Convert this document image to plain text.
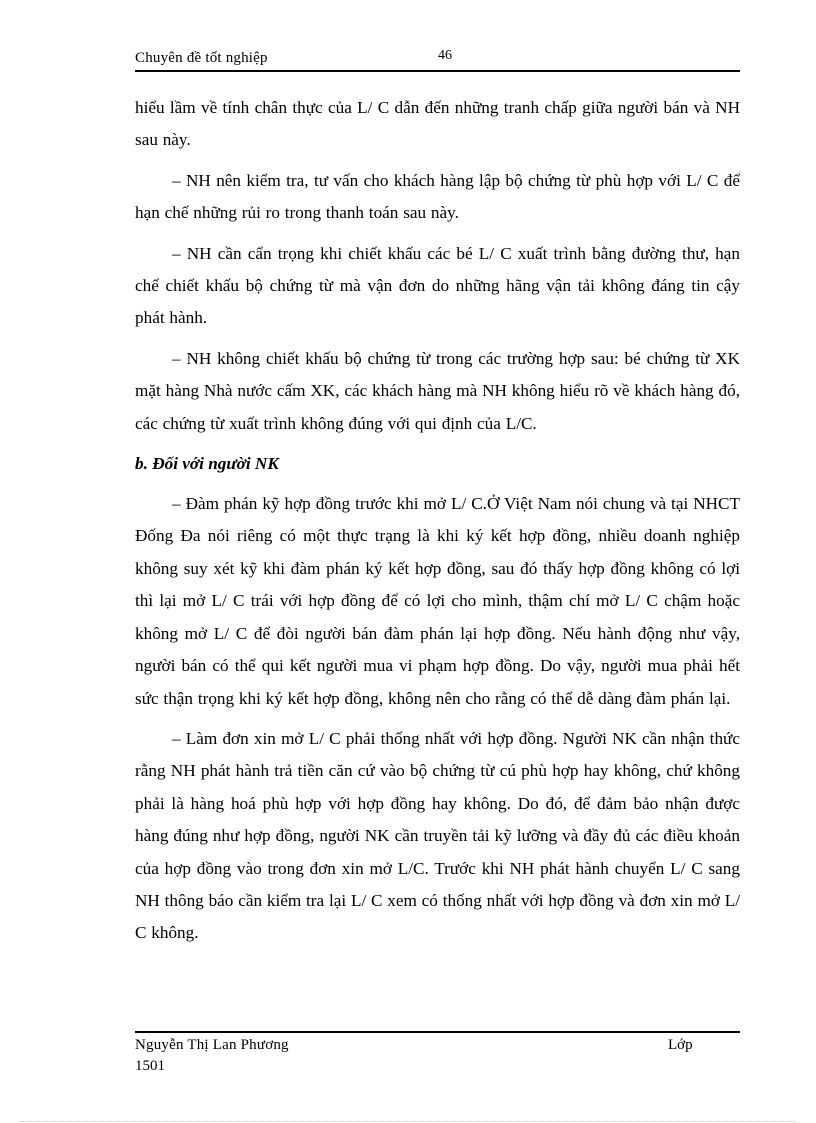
Chuyên đề tốt nghiệp	46

hiểu lầm về tính chân thực của L/ C dẫn đến những tranh chấp giữa người bán và NH sau này.

– NH nên kiểm tra, tư vấn cho khách hàng lập bộ chứng từ phù hợp với L/ C để hạn chế những rủi ro trong thanh toán sau này.

– NH cần cẩn trọng khi chiết khấu các bé L/ C xuất trình bằng đường thư, hạn chế chiết khấu bộ chứng từ mà vận đơn do những hãng vận tải không đáng tin cậy phát hành.

– NH không chiết khấu bộ chứng từ trong các trường hợp sau: bé chứng từ XK mặt hàng Nhà nước cấm XK, các khách hàng mà NH không hiểu rõ về khách hàng đó, các chứng từ xuất trình không đúng với qui định của L/C.

b. Đối với người NK

– Đàm phán kỹ hợp đồng trước khi mở L/ C.Ở Việt Nam nói chung và tại NHCT Đống Đa nói riêng có một thực trạng là khi ký kết hợp đồng, nhiều doanh nghiệp không suy xét kỹ khi đàm phán ký kết hợp đồng, sau đó thấy hợp đồng không có lợi thì lại mở L/ C trái với hợp đồng để có lợi cho mình, thậm chí mở L/ C chậm hoặc không mở L/ C để đòi người bán đàm phán lại hợp đồng. Nếu hành động như vậy, người bán có thể qui kết người mua vi phạm hợp đồng. Do vậy, người mua phải hết sức thận trọng khi ký kết hợp đồng, không nên cho rằng có thể dễ dàng đàm phán lại.

– Làm đơn xin mở L/ C phải thống nhất với hợp đồng. Người NK cần nhận thức rằng NH phát hành trả tiền căn cứ vào bộ chứng từ cú phù hợp hay không, chứ không phải là hàng hoá phù hợp với hợp đồng hay không. Do đó, để đảm bảo nhận được hàng đúng như hợp đồng, người NK cần truyền tải kỹ lưỡng và đầy đủ các điều khoản của hợp đồng vào trong đơn xin mở L/C. Trước khi NH phát hành chuyển L/ C sang NH thông báo cần kiểm tra lại L/ C xem có thống nhất với hợp đồng và đơn xin mở L/ C không.

Nguyễn Thị Lan Phương	Lớp
1501
